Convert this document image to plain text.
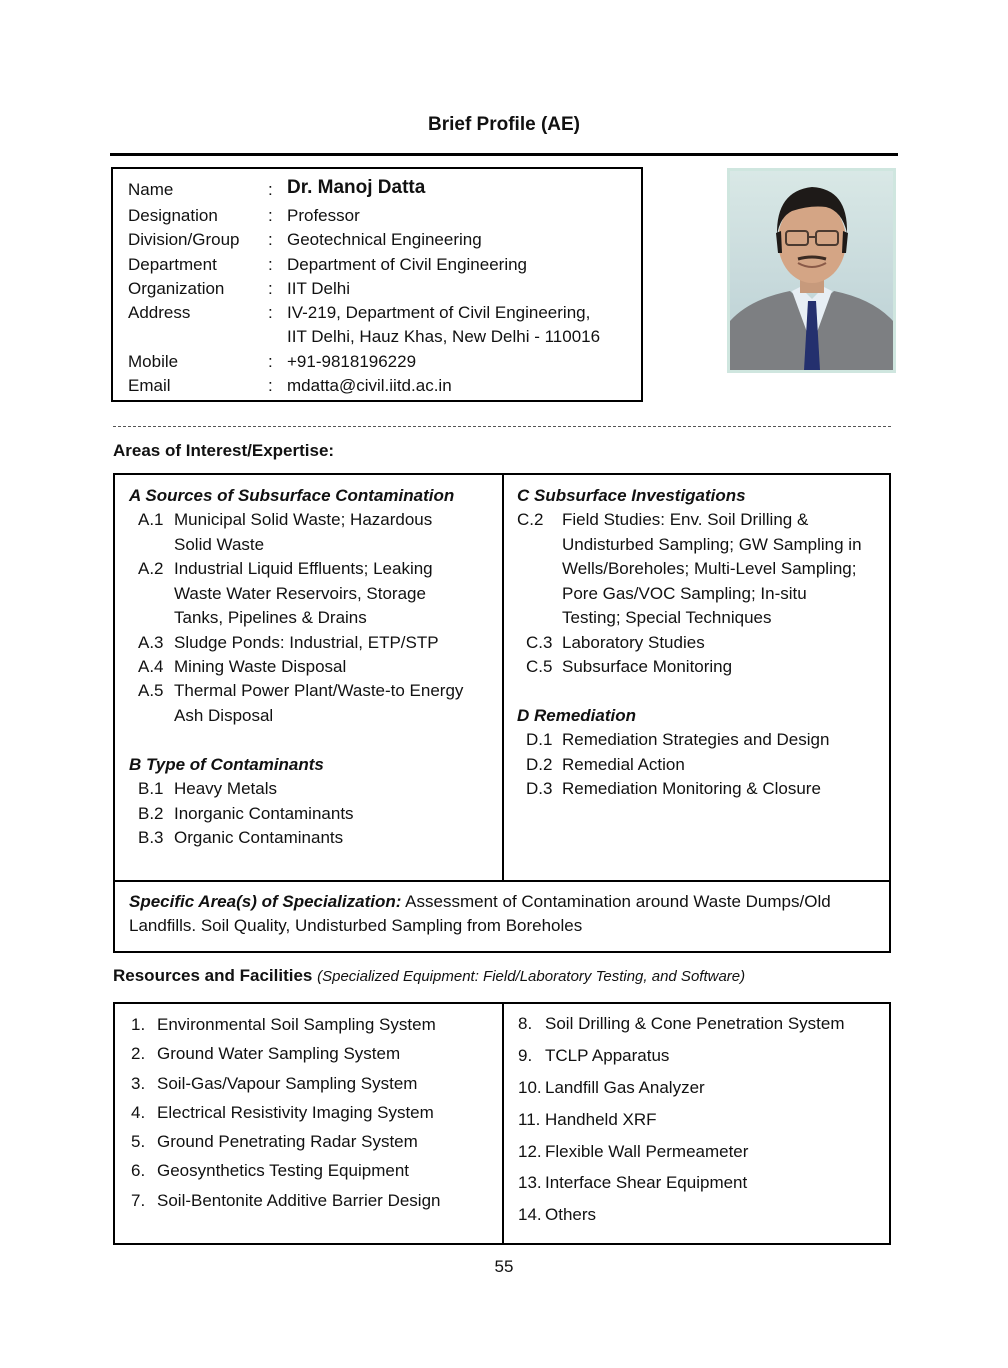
Brief Profile (AE)
Name	: Dr. Manoj Datta
Designation	: Professor
Division/Group : Geotechnical Engineering
Department	: Department of Civil Engineering
Organization	: IIT Delhi
Address	: IV-219, Department of Civil Engineering,
IIT Delhi, Hauz Khas, New Delhi - 110016
Mobile	: +91-9818196229
Email	: mdatta@civil.iitd.ac.in
Areas of Interest/Expertise:
A Sources of Subsurface Contamination
A.1 Municipal Solid Waste; Hazardous
Solid Waste
A.2 Industrial Liquid Effluents; Leaking
Waste Water Reservoirs, Storage
Tanks, Pipelines & Drains
A.3 Sludge Ponds: Industrial, ETP/STP
A.4 Mining Waste Disposal
A.5 Thermal Power Plant/Waste-to Energy
Ash Disposal
B Type of Contaminants
B.1 Heavy Metals
B.2 Inorganic Contaminants
B.3 Organic Contaminants
C Subsurface Investigations
C.2 Field Studies: Env. Soil Drilling &
Undisturbed Sampling; GW Sampling in
Wells/Boreholes; Multi-Level Sampling;
Pore Gas/VOC Sampling; In-situ
Testing; Special Techniques
C.3 Laboratory Studies
C.5 Subsurface Monitoring
D Remediation
D.1 Remediation Strategies and Design
D.2 Remedial Action
D.3 Remediation Monitoring & Closure
Specific Area(s) of Specialization: Assessment of Contamination around Waste Dumps/Old Landfills. Soil Quality, Undisturbed Sampling from Boreholes
Resources and Facilities (Specialized Equipment: Field/Laboratory Testing, and Software)
1. Environmental Soil Sampling System
2. Ground Water Sampling System
3. Soil-Gas/Vapour Sampling System
4. Electrical Resistivity Imaging System
5. Ground Penetrating Radar System
6. Geosynthetics Testing Equipment
7. Soil-Bentonite Additive Barrier Design
8. Soil Drilling & Cone Penetration System
9. TCLP Apparatus
10. Landfill Gas Analyzer
11. Handheld XRF
12. Flexible Wall Permeameter
13. Interface Shear Equipment
14. Others
55
